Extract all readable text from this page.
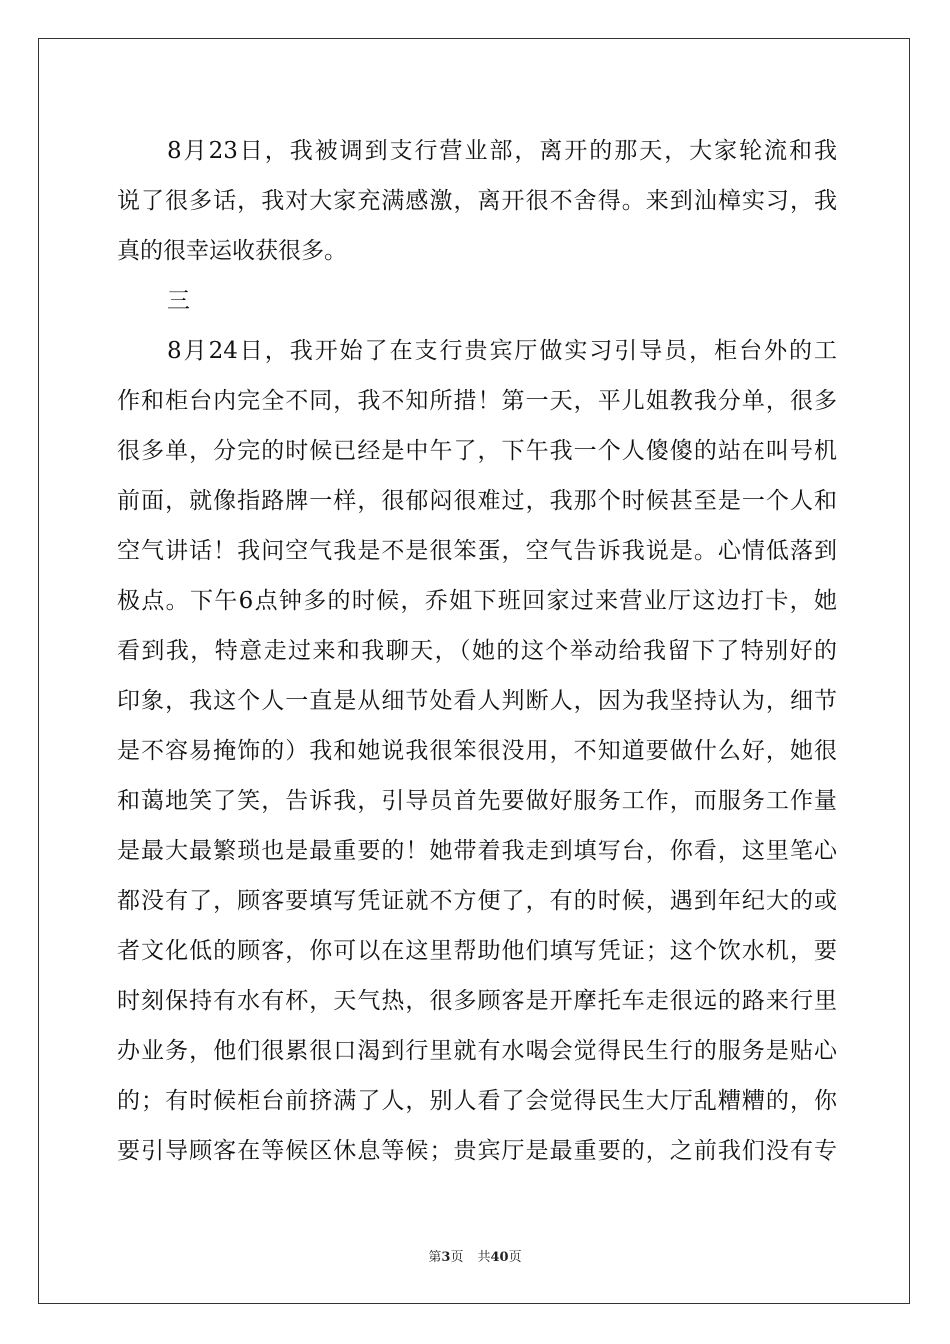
8月23日，我被调到支行营业部，离开的那天，大家轮流和我
说了很多话，我对大家充满感激，离开很不舍得。来到汕樟实习，我
真的很幸运收获很多。
三
8月24日，我开始了在支行贵宾厅做实习引导员，柜台外的工
作和柜台内完全不同，我不知所措！第一天，平儿姐教我分单，很多
很多单，分完的时候已经是中午了，下午我一个人傻傻的站在叫号机
前面，就像指路牌一样，很郁闷很难过，我那个时候甚至是一个人和
空气讲话！我问空气我是不是很笨蛋，空气告诉我说是。心情低落到
极点。下午6点钟多的时候，乔姐下班回家过来营业厅这边打卡，她
看到我，特意走过来和我聊天，（她的这个举动给我留下了特别好的
印象，我这个人一直是从细节处看人判断人，因为我坚持认为，细节
是不容易掩饰的）我和她说我很笨很没用，不知道要做什么好，她很
和蔼地笑了笑，告诉我，引导员首先要做好服务工作，而服务工作量
是最大最繁琐也是最重要的！她带着我走到填写台，你看，这里笔心
都没有了，顾客要填写凭证就不方便了，有的时候，遇到年纪大的或
者文化低的顾客，你可以在这里帮助他们填写凭证；这个饮水机，要
时刻保持有水有杯，天气热，很多顾客是开摩托车走很远的路来行里
办业务，他们很累很口渴到行里就有水喝会觉得民生行的服务是贴心
的；有时候柜台前挤满了人，别人看了会觉得民生大厅乱糟糟的，你
要引导顾客在等候区休息等候；贵宾厅是最重要的，之前我们没有专
第3页 共40页
